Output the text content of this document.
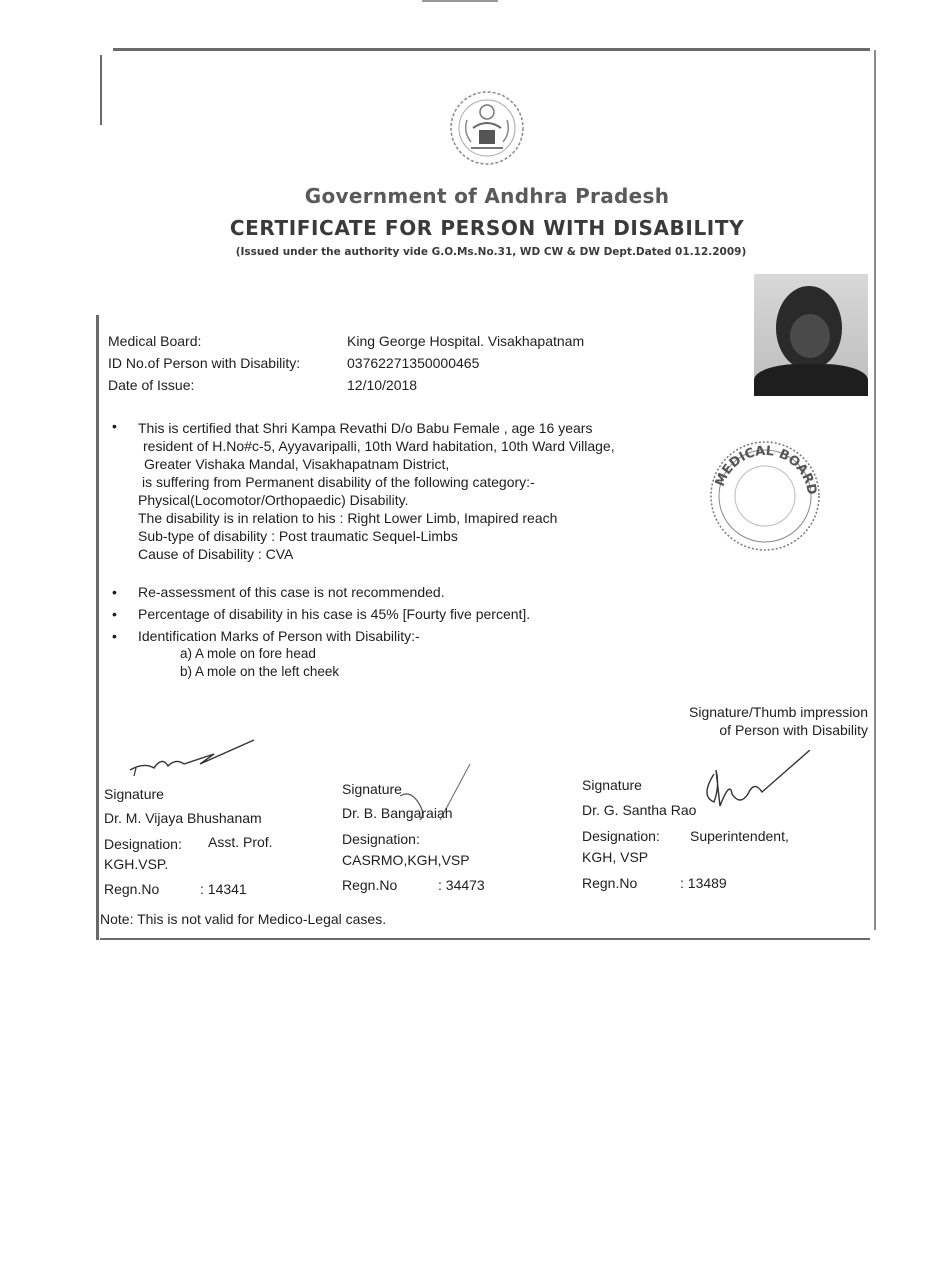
Government of Andhra Pradesh
CERTIFICATE FOR PERSON WITH DISABILITY
(Issued under the authority vide G.O.Ms.No.31, WD CW & DW Dept.Dated 01.12.2009)
Medical Board:	King George Hospital. Visakhapatnam
ID No.of Person with Disability:	03762271350000465
Date of Issue:	12/10/2018
• This is certified that Shri Kampa Revathi D/o Babu Female , age 16 years
resident of H.No#c-5, Ayyavaripalli, 10th Ward habitation, 10th Ward Village,
Greater Vishaka Mandal, Visakhapatnam District,
is suffering from Permanent disability of the following category:-
Physical(Locomotor/Orthopaedic) Disability.
The disability is in relation to his : Right Lower Limb, Imapired reach
Sub-type of disability : Post traumatic Sequel-Limbs
Cause of Disability : CVA
MEDICAL BOARD
• Re-assessment of this case is not recommended.
• Percentage of disability in his case is 45% [Fourty five percent].
• Identification Marks of Person with Disability:-
a) A mole on fore head
b) A mole on the left cheek
Signature/Thumb impression
of Person with Disability
Signature
Dr. M. Vijaya Bhushanam
Designation: Asst. Prof.
KGH.VSP.
Regn.No	: 14341
Signature
Dr. B. Bangaraiah
Designation:
CASRMO,KGH,VSP
Regn.No	: 34473
Signature
Dr. G. Santha Rao
Designation: Superintendent,
KGH, VSP
Regn.No	: 13489
Note: This is not valid for Medico-Legal cases.
